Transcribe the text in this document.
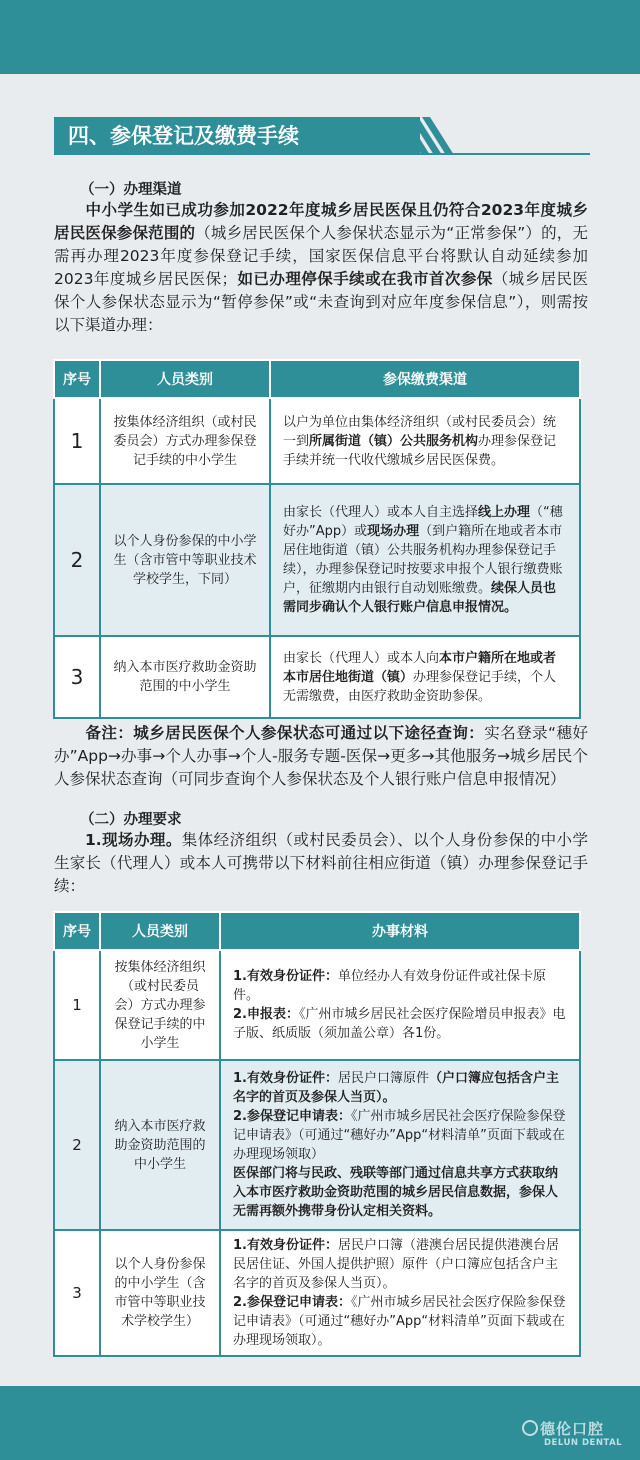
四、参保登记及缴费手续
（一）办理渠道
中小学生如已成功参加2022年度城乡居民医保且仍符合2023年度城乡居民医保参保范围的（城乡居民医保个人参保状态显示为“正常参保”）的，无需再办理2023年度参保登记手续，国家医保信息平台将默认自动延续参加2023年度城乡居民医保；如已办理停保手续或在我市首次参保（城乡居民医保个人参保状态显示为“暂停参保”或“未查询到对应年度参保信息”），则需按以下渠道办理：
序号	人员类别	参保缴费渠道
1	按集体经济组织（或村民委员会）方式办理参保登记手续的中小学生	以户为单位由集体经济组织（或村民委员会）统一到所属街道（镇）公共服务机构办理参保登记手续并统一代收代缴城乡居民医保费。
2	以个人身份参保的中小学生（含市管中等职业技术学校学生，下同）	由家长（代理人）或本人自主选择线上办理（“穗好办”App）或现场办理（到户籍所在地或者本市居住地街道（镇）公共服务机构办理参保登记手续），办理参保登记时按要求申报个人银行缴费账户，征缴期内由银行自动划账缴费。续保人员也需同步确认个人银行账户信息申报情况。
3	纳入本市医疗救助金资助范围的中小学生	由家长（代理人）或本人向本市户籍所在地或者本市居住地街道（镇）办理参保登记手续，个人无需缴费，由医疗救助金资助参保。
备注：城乡居民医保个人参保状态可通过以下途径查询：实名登录“穗好办”App→办事→个人办事→个人-服务专题-医保→更多→其他服务→城乡居民个人参保状态查询（可同步查询个人参保状态及个人银行账户信息申报情况）
（二）办理要求
1.现场办理。集体经济组织（或村民委员会）、以个人身份参保的中小学生家长（代理人）或本人可携带以下材料前往相应街道（镇）办理参保登记手续：
序号	人员类别	办事材料
1	按集体经济组织（或村民委员会）方式办理参保登记手续的中小学生	1.有效身份证件：单位经办人有效身份证件或社保卡原件。
2.申报表：《广州市城乡居民社会医疗保险增员申报表》电子版、纸质版（须加盖公章）各1份。

2	纳入本市医疗救助金资助范围的中小学生	1.有效身份证件：居民户口簿原件（户口簿应包括含户主名字的首页及参保人当页）。
2.参保登记申请表：《广州市城乡居民社会医疗保险参保登记申请表》（可通过“穗好办”App“材料清单”页面下载或在办理现场领取）
医保部门将与民政、残联等部门通过信息共享方式获取纳入本市医疗救助金资助范围的城乡居民信息数据，参保人无需再额外携带身份认定相关资料。

3	以个人身份参保的中小学生（含市管中等职业技术学校学生）	1.有效身份证件：居民户口簿（港澳台居民提供港澳台居民居住证、外国人提供护照）原件（户口簿应包括含户主名字的首页及参保人当页）。
2.参保登记申请表：《广州市城乡居民社会医疗保险参保登记申请表》（可通过“穗好办”App“材料清单”页面下载或在办理现场领取）。
德伦口腔
DELUN DENTAL
